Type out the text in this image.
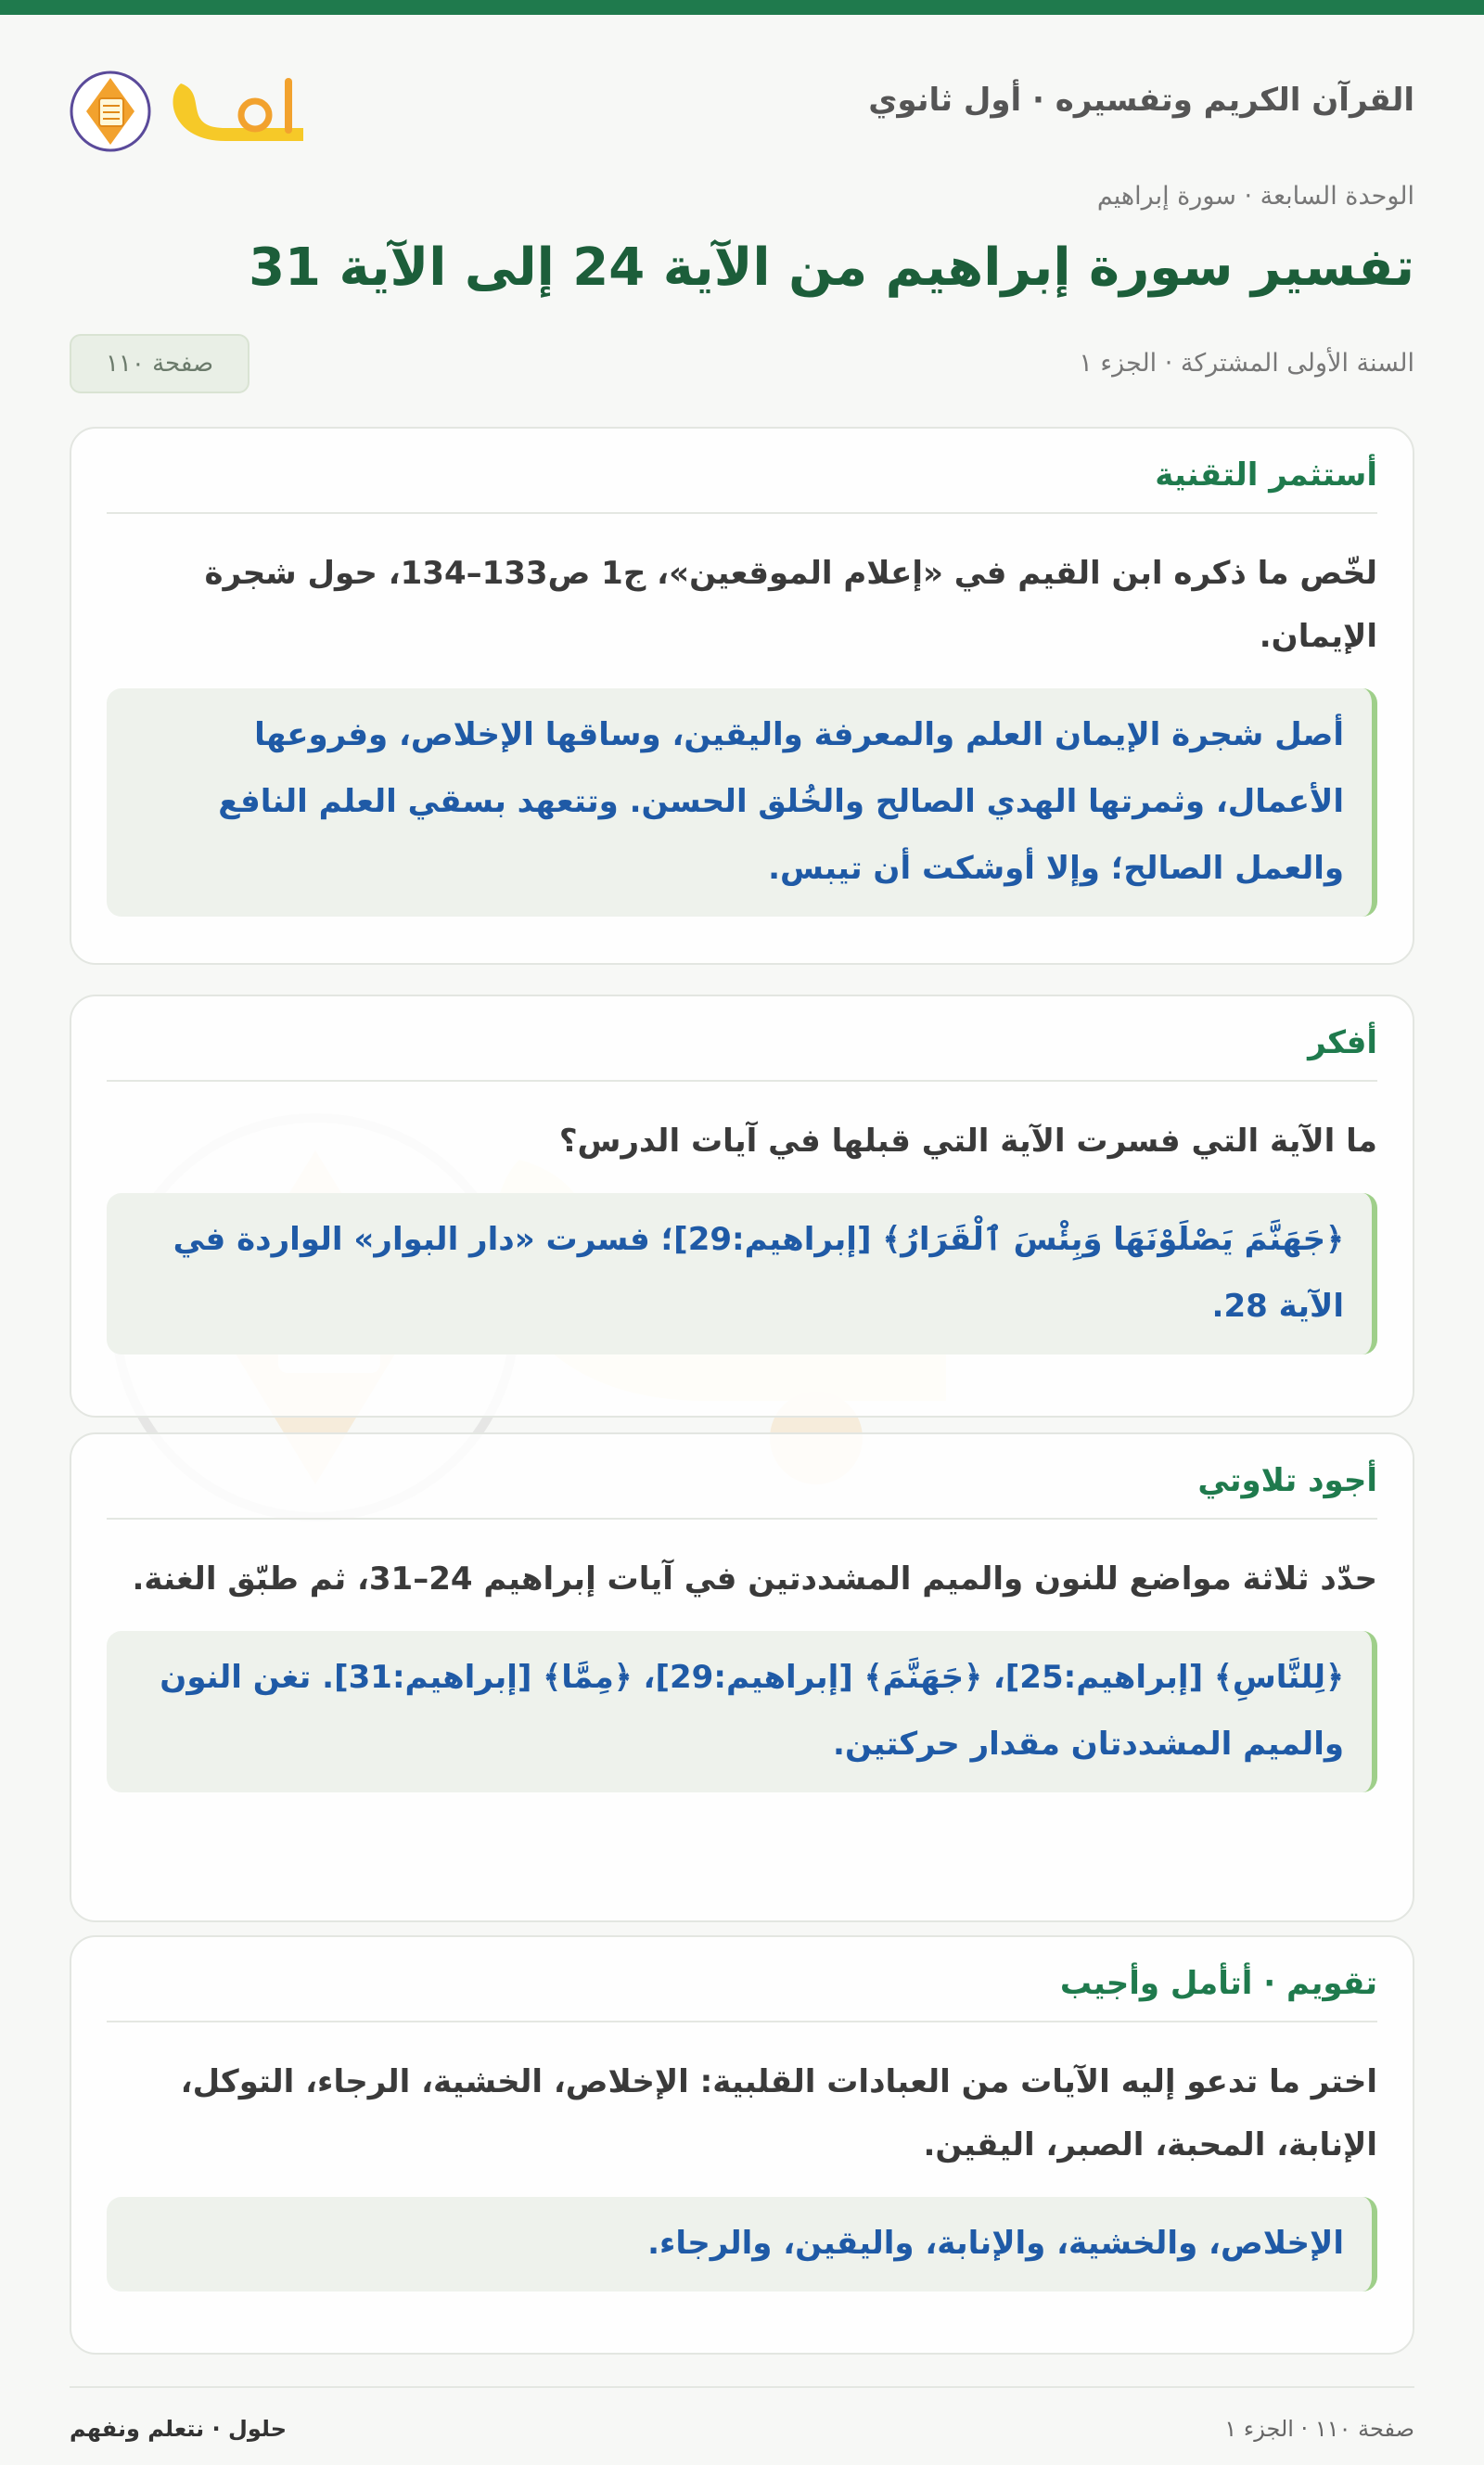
القرآن الكريم وتفسيره · أول ثانوي
الوحدة السابعة · سورة إبراهيم
تفسير سورة إبراهيم من الآية 24 إلى الآية 31
السنة الأولى المشتركة · الجزء ١
صفحة ١١٠
أستثمر التقنية
لخّص ما ذكره ابن القيم في «إعلام الموقعين»، ج1 ص133–134، حول شجرة الإيمان.
أصل شجرة الإيمان العلم والمعرفة واليقين، وساقها الإخلاص، وفروعها الأعمال، وثمرتها الهدي الصالح والخُلق الحسن. وتتعهد بسقي العلم النافع والعمل الصالح؛ وإلا أوشكت أن تيبس.
أفكر
ما الآية التي فسرت الآية التي قبلها في آيات الدرس؟
﴿جَهَنَّمَ يَصْلَوْنَهَا وَبِئْسَ ٱلْقَرَارُ﴾ [إبراهيم:29]؛ فسرت «دار البوار» الواردة في الآية 28.
أجود تلاوتي
حدّد ثلاثة مواضع للنون والميم المشددتين في آيات إبراهيم 24–31، ثم طبّق الغنة.
﴿لِلنَّاسِ﴾ [إبراهيم:25]، ﴿جَهَنَّمَ﴾ [إبراهيم:29]، ﴿مِمَّا﴾ [إبراهيم:31]. تغن النون والميم المشددتان مقدار حركتين.
تقويم · أتأمل وأجيب
اختر ما تدعو إليه الآيات من العبادات القلبية: الإخلاص، الخشية، الرجاء، التوكل، الإنابة، المحبة، الصبر، اليقين.
الإخلاص، والخشية، والإنابة، واليقين، والرجاء.
صفحة ١١٠ · الجزء ١
حلول · نتعلم ونفهم
